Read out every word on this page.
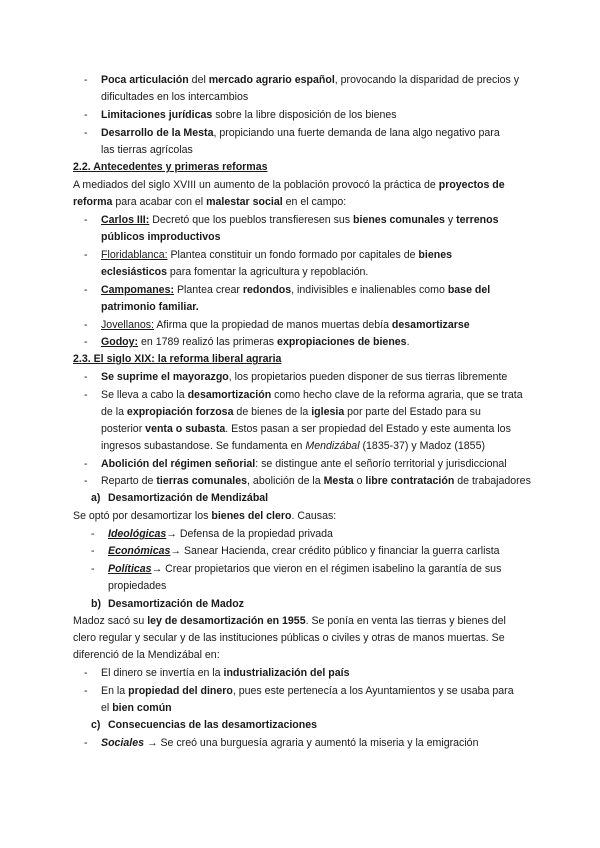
- Poca articulación del mercado agrario español, provocando la disparidad de precios y
dificultades en los intercambios
- Limitaciones jurídicas sobre la libre disposición de los bienes
- Desarrollo de la Mesta, propiciando una fuerte demanda de lana algo negativo para
las tierras agrícolas
2.2. Antecedentes y primeras reformas
A mediados del siglo XVIII un aumento de la población provocó la práctica de proyectos de
reforma para acabar con el malestar social en el campo:
- Carlos III: Decretó que los pueblos transfieresen sus bienes comunales y terrenos
públicos improductivos
- Floridablanca: Plantea constituir un fondo formado por capitales de bienes
eclesiásticos para fomentar la agricultura y repoblación.
- Campomanes: Plantea crear redondos, indivisibles e inalienables como base del
patrimonio familiar.
- Jovellanos: Afirma que la propiedad de manos muertas debía desamortizarse
- Godoy: en 1789 realizó las primeras expropiaciones de bienes.
2.3. El siglo XIX: la reforma liberal agraria
- Se suprime el mayorazgo, los propietarios pueden disponer de sus tierras libremente
- Se lleva a cabo la desamortización como hecho clave de la reforma agraria, que se trata
de la expropiación forzosa de bienes de la iglesia por parte del Estado para su
posterior venta o subasta. Estos pasan a ser propiedad del Estado y este aumenta los
ingresos subastandose. Se fundamenta en Mendizábal (1835-37) y Madoz (1855)
- Abolición del régimen señorial: se distingue ante el señorío territorial y jurisdiccional
- Reparto de tierras comunales, abolición de la Mesta o libre contratación de trabajadores
a) Desamortización de Mendizábal
Se optó por desamortizar los bienes del clero. Causas:
- Ideológicas→ Defensa de la propiedad privada
- Económicas→ Sanear Hacienda, crear crédito público y financiar la guerra carlista
- Políticas→ Crear propietarios que vieron en el régimen isabelino la garantía de sus
propiedades
b) Desamortización de Madoz
Madoz sacó su ley de desamortización en 1955. Se ponía en venta las tierras y bienes del
clero regular y secular y de las instituciones públicas o civiles y otras de manos muertas. Se
diferenció de la Mendizábal en:
- El dinero se invertía en la industrialización del país
- En la propiedad del dinero, pues este pertenecía a los Ayuntamientos y se usaba para
el bien común
c) Consecuencias de las desamortizaciones
- Sociales → Se creó una burguesía agraria y aumentó la miseria y la emigración
